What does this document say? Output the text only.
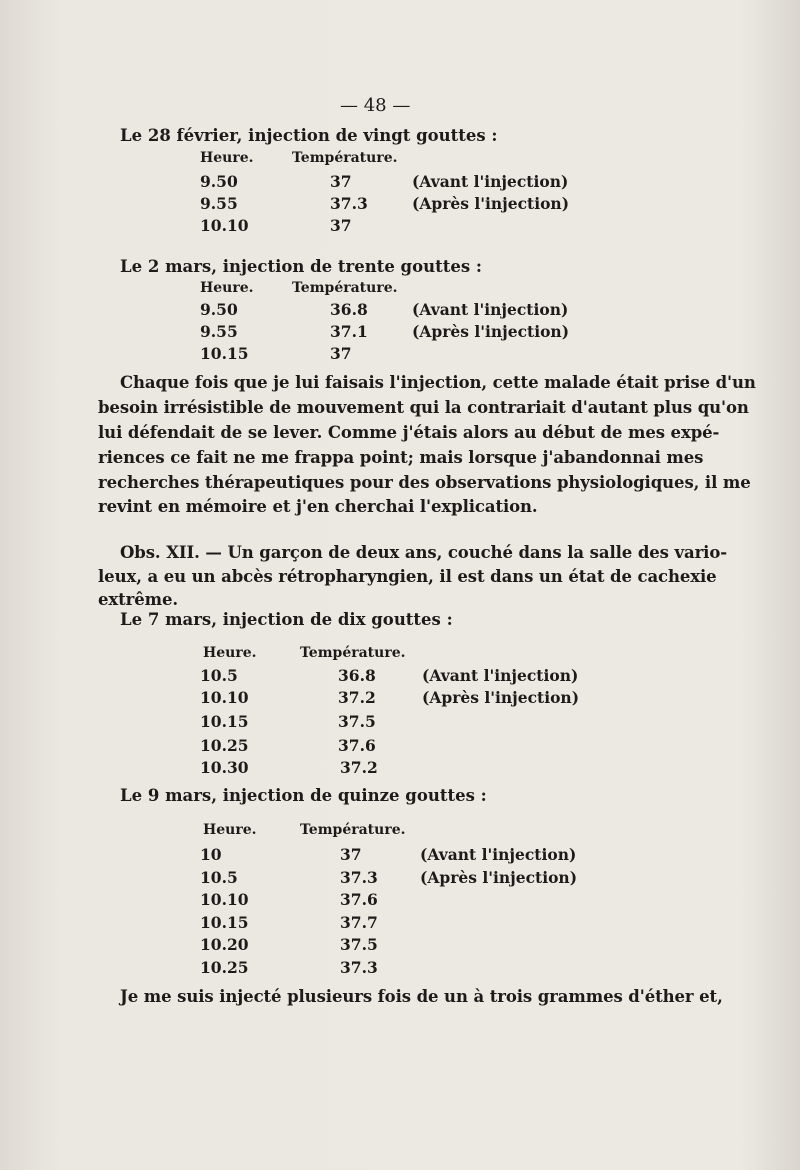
— 48 —
Le 28 février, injection de vingt gouttes :
Heure.	Température.
9.50	37	(Avant l'injection)
9.55	37.3	(Après l'injection)
10.10	37
Le 2 mars, injection de trente gouttes :
Heure.	Température.
9.50	36.8	(Avant l'injection)
9.55	37.1	(Après l'injection)
10.15	37
Chaque fois que je lui faisais l'injection, cette malade était prise d'un
besoin irrésistible de mouvement qui la contrariait d'autant plus qu'on
lui défendait de se lever. Comme j'étais alors au début de mes expé-
riences ce fait ne me frappa point; mais lorsque j'abandonnai mes
recherches thérapeutiques pour des observations physiologiques, il me
revint en mémoire et j'en cherchai l'explication.
Obs. XII. — Un garçon de deux ans, couché dans la salle des vario-
leux, a eu un abcès rétropharyngien, il est dans un état de cachexie
extrême.
Le 7 mars, injection de dix gouttes :
Heure.	Température.
10.5	36.8	(Avant l'injection)
10.10	37.2	(Après l'injection)
10.15	37.5
10.25	37.6
10.30	37.2
Le 9 mars, injection de quinze gouttes :
Heure.	Température.
10	37	(Avant l'injection)
10.5	37.3	(Après l'injection)
10.10	37.6
10.15	37.7
10.20	37.5
10.25	37.3
Je me suis injecté plusieurs fois de un à trois grammes d'éther et,
